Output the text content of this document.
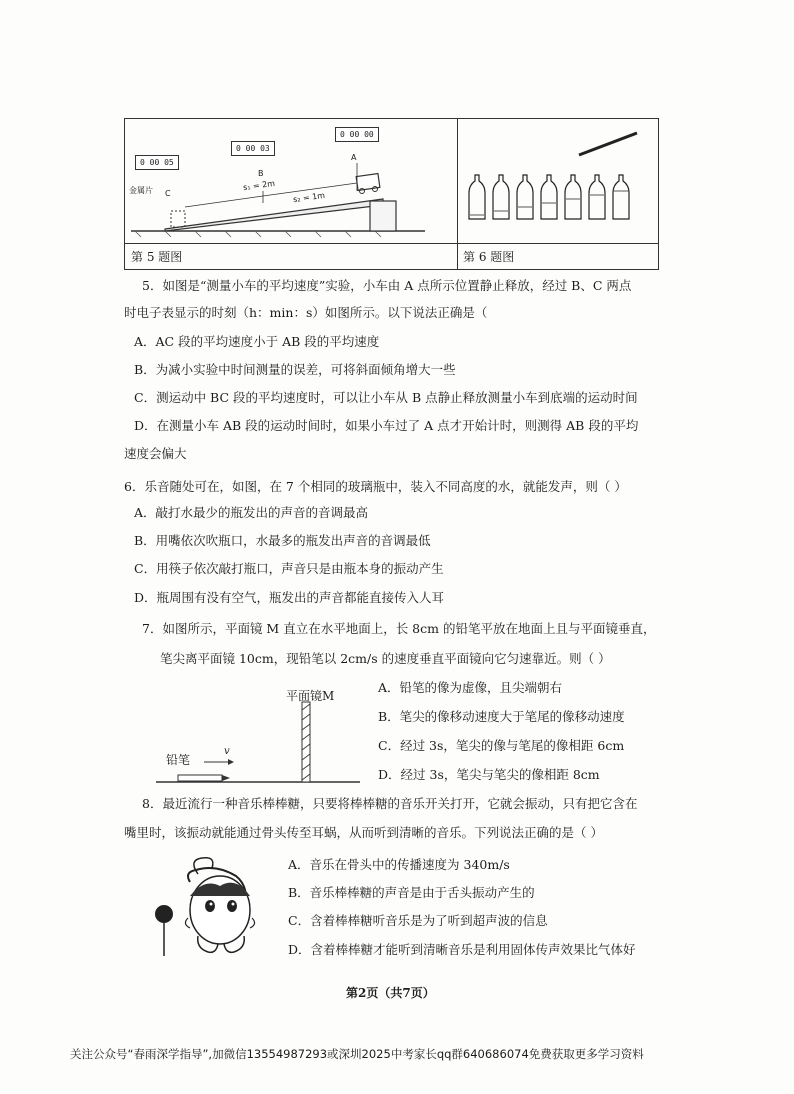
0 00 05
0 00 03
0 00 00
金属片 C
B
A
s₁ = 2m
s₂ = 1m
第 5 题图	第 6 题图
5．如图是“测量小车的平均速度”实验，小车由 A 点所示位置静止释放，经过 B、C 两点
时电子表显示的时刻（h：min：s）如图所示。以下说法正确是（
A．AC 段的平均速度小于 AB 段的平均速度
B．为减小实验中时间测量的误差，可将斜面倾角增大一些
C．测运动中 BC 段的平均速度时，可以让小车从 B 点静止释放测量小车到底端的运动时间
D．在测量小车 AB 段的运动时间时，如果小车过了 A 点才开始计时，则测得 AB 段的平均
速度会偏大
6．乐音随处可在，如图，在 7 个相同的玻璃瓶中，装入不同高度的水，就能发声，则（ ）
A．敲打水最少的瓶发出的声音的音调最高
B．用嘴依次吹瓶口，水最多的瓶发出声音的音调最低
C．用筷子依次敲打瓶口，声音只是由瓶本身的振动产生
D．瓶周围有没有空气，瓶发出的声音都能直接传入人耳
7．如图所示，平面镜 M 直立在水平地面上，长 8cm 的铅笔平放在地面上且与平面镜垂直，
笔尖离平面镜 10cm，现铅笔以 2cm/s 的速度垂直平面镜向它匀速靠近。则（ ）
平面镜M
铅笔
v
A．铅笔的像为虚像，且尖端朝右
B．笔尖的像移动速度大于笔尾的像移动速度
C．经过 3s，笔尖的像与笔尾的像相距 6cm
D．经过 3s，笔尖与笔尖的像相距 8cm
8．最近流行一种音乐棒棒糖，只要将棒棒糖的音乐开关打开，它就会振动，只有把它含在
嘴里时，该振动就能通过骨头传至耳蜗，从而听到清晰的音乐。下列说法正确的是（ ）
A．音乐在骨头中的传播速度为 340m/s
B．音乐棒棒糖的声音是由于舌头振动产生的
C．含着棒棒糖听音乐是为了听到超声波的信息
D．含着棒棒糖才能听到清晰音乐是利用固体传声效果比气体好
第2页（共7页）
关注公众号“春雨深学指导”,加微信13554987293或深圳2025中考家长qq群640686074免费获取更多学习资料
